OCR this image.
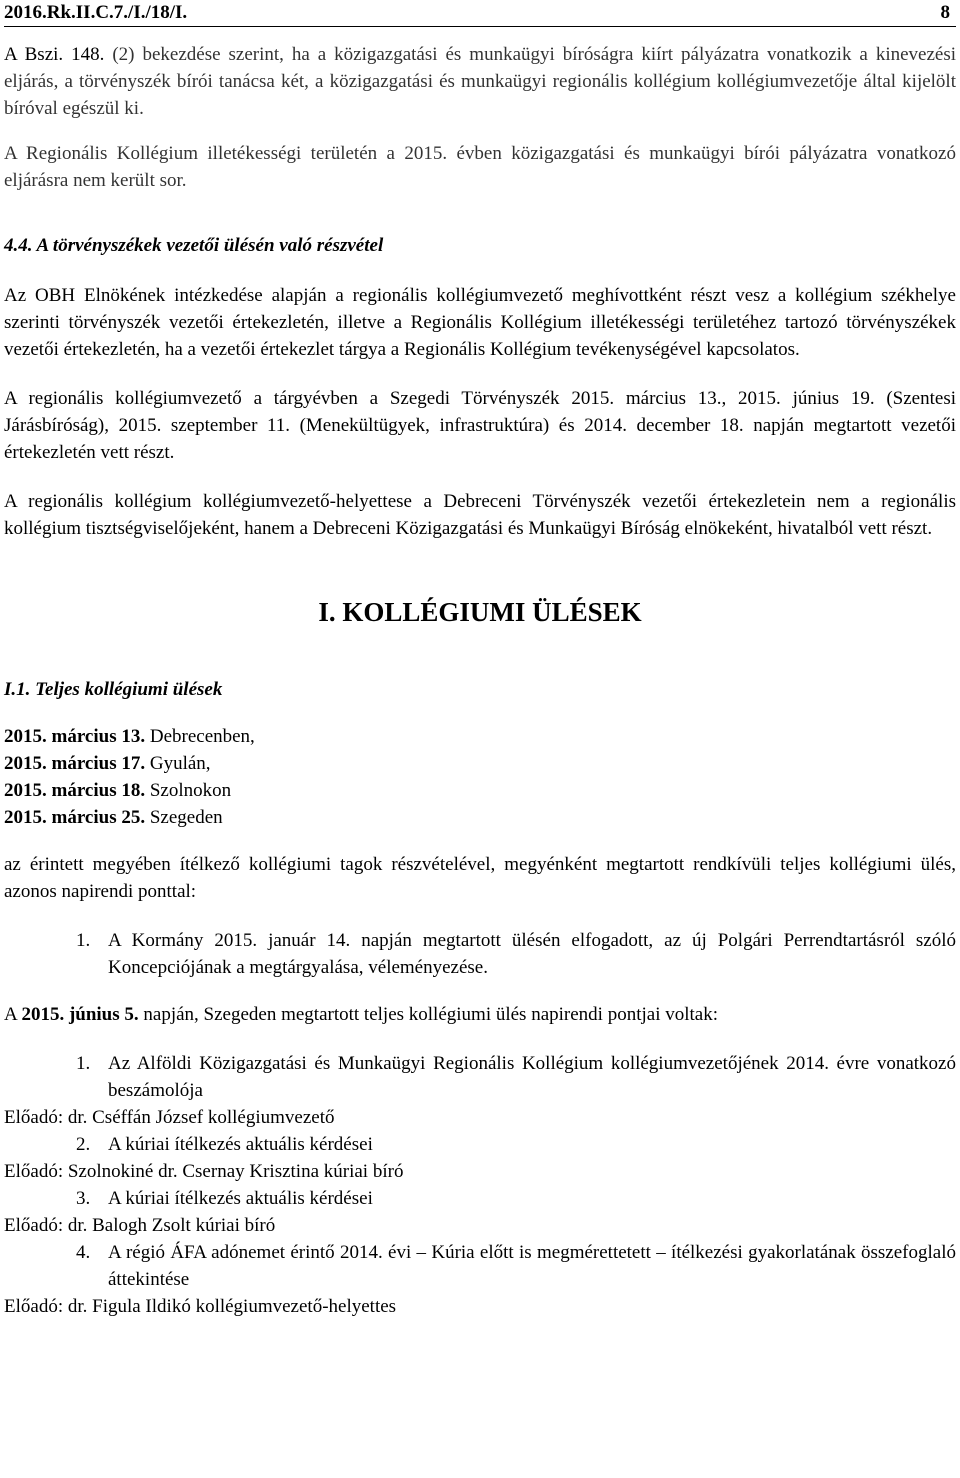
2016.Rk.II.C.7./I./18/I.	8

A Bszi. 148. (2) bekezdése szerint, ha a közigazgatási és munkaügyi bíróságra kiírt pályázatra vonatkozik a kinevezési eljárás, a törvényszék bírói tanácsa két, a közigazgatási és munkaügyi regionális kollégium kollégiumvezetője által kijelölt bíróval egészül ki.

A Regionális Kollégium illetékességi területén a 2015. évben közigazgatási és munkaügyi bírói pályázatra vonatkozó eljárásra nem került sor.

4.4. A törvényszékek vezetői ülésén való részvétel

Az OBH Elnökének intézkedése alapján a regionális kollégiumvezető meghívottként részt vesz a kollégium székhelye szerinti törvényszék vezetői értekezletén, illetve a Regionális Kollégium illetékességi területéhez tartozó törvényszékek vezetői értekezletén, ha a vezetői értekezlet tárgya a Regionális Kollégium tevékenységével kapcsolatos.

A regionális kollégiumvezető a tárgyévben a Szegedi Törvényszék 2015. március 13., 2015. június 19. (Szentesi Járásbíróság), 2015. szeptember 11. (Menekültügyek, infrastruktúra) és 2014. december 18. napján megtartott vezetői értekezletén vett részt.

A regionális kollégium kollégiumvezető-helyettese a Debreceni Törvényszék vezetői értekezletein nem a regionális kollégium tisztségviselőjeként, hanem a Debreceni Közigazgatási és Munkaügyi Bíróság elnökeként, hivatalból vett részt.

I. KOLLÉGIUMI ÜLÉSEK

I.1. Teljes kollégiumi ülések

2015. március 13. Debrecenben,
2015. március 17. Gyulán,
2015. március 18. Szolnokon
2015. március 25. Szegeden

az érintett megyében ítélkező kollégiumi tagok részvételével, megyénként megtartott rendkívüli teljes kollégiumi ülés, azonos napirendi ponttal:

1. A Kormány 2015. január 14. napján megtartott ülésén elfogadott, az új Polgári Perrendtartásról szóló Koncepciójának a megtárgyalása, véleményezése.

A 2015. június 5. napján, Szegeden megtartott teljes kollégiumi ülés napirendi pontjai voltak:

1. Az Alföldi Közigazgatási és Munkaügyi Regionális Kollégium kollégiumvezetőjének 2014. évre vonatkozó beszámolója

Előadó: dr. Cséffán József kollégiumvezető

2. A kúriai ítélkezés aktuális kérdései

Előadó: Szolnokiné dr. Csernay Krisztina kúriai bíró

3. A kúriai ítélkezés aktuális kérdései

Előadó: dr. Balogh Zsolt kúriai bíró

4. A régió ÁFA adónemet érintő 2014. évi – Kúria előtt is megmérettetett – ítélkezési gyakorlatának összefoglaló áttekintése

Előadó: dr. Figula Ildikó kollégiumvezető-helyettes
